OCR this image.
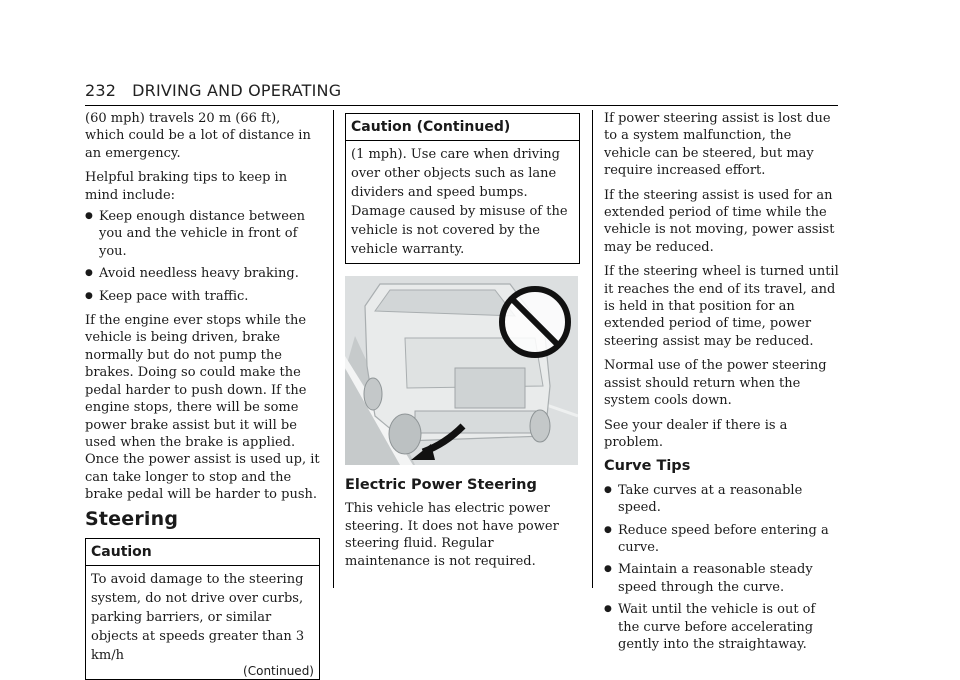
232 DRIVING AND OPERATING

(60 mph) travels 20 m (66 ft), which could be a lot of distance in an emergency.

Helpful braking tips to keep in mind include:

● Keep enough distance between you and the vehicle in front of you.
● Avoid needless heavy braking.
● Keep pace with traffic.

If the engine ever stops while the vehicle is being driven, brake normally but do not pump the brakes. Doing so could make the pedal harder to push down. If the engine stops, there will be some power brake assist but it will be used when the brake is applied. Once the power assist is used up, it can take longer to stop and the brake pedal will be harder to push.

Steering
Caution
To avoid damage to the steering system, do not drive over curbs, parking barriers, or similar objects at speeds greater than 3 km/h
(Continued)
Caution (Continued)
(1 mph). Use care when driving over other objects such as lane dividers and speed bumps. Damage caused by misuse of the vehicle is not covered by the vehicle warranty.
Electric Power Steering

This vehicle has electric power steering. It does not have power steering fluid. Regular maintenance is not required.

If power steering assist is lost due to a system malfunction, the vehicle can be steered, but may require increased effort.

If the steering assist is used for an extended period of time while the vehicle is not moving, power assist may be reduced.

If the steering wheel is turned until it reaches the end of its travel, and is held in that position for an extended period of time, power steering assist may be reduced.

Normal use of the power steering assist should return when the system cools down.

See your dealer if there is a problem.

Curve Tips
● Take curves at a reasonable speed.
● Reduce speed before entering a curve.
● Maintain a reasonable steady speed through the curve.
● Wait until the vehicle is out of the curve before accelerating gently into the straightaway.
